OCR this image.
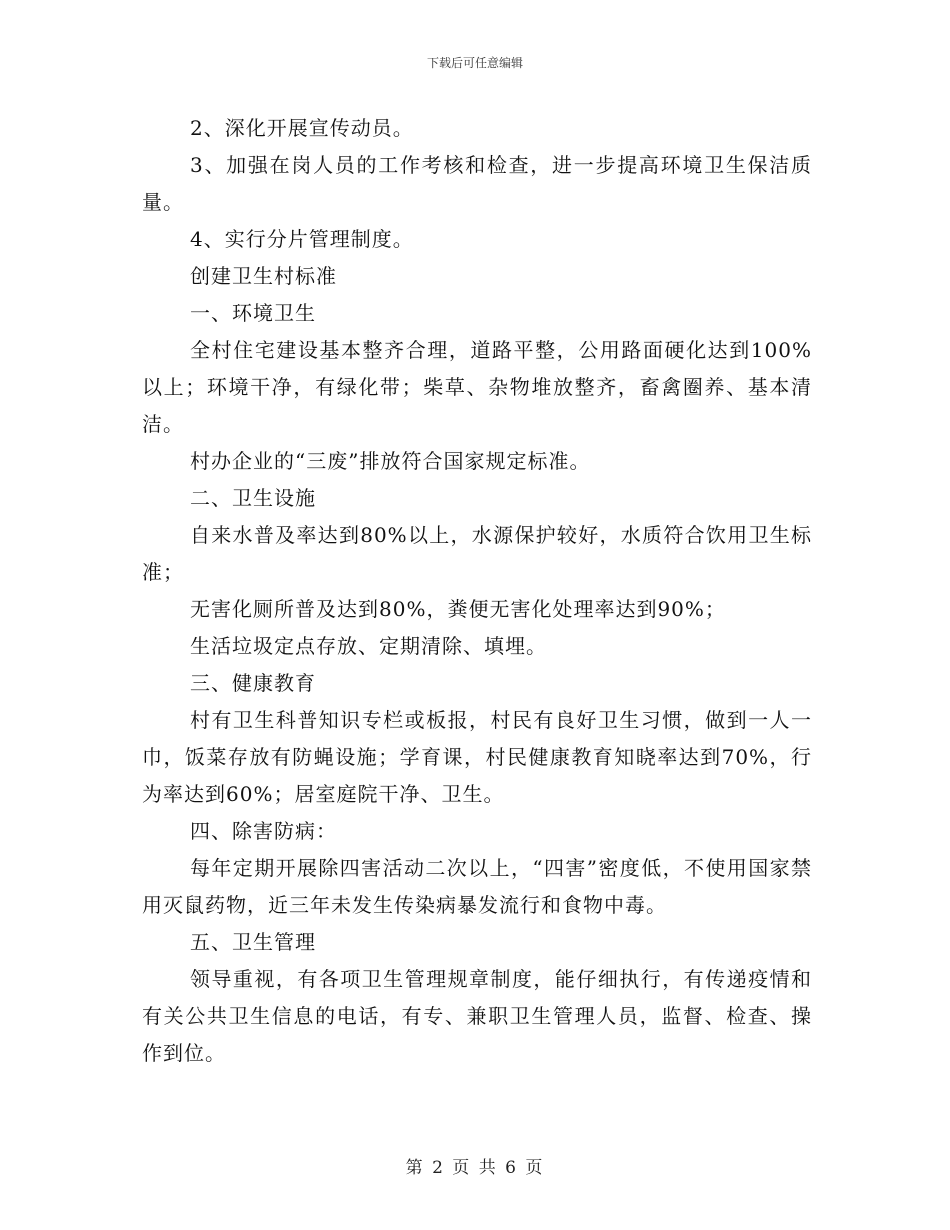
下载后可任意编辑

2、深化开展宣传动员。

3、加强在岗人员的工作考核和检查，进一步提高环境卫生保洁质量。

4、实行分片管理制度。

创建卫生村标准

一、环境卫生

全村住宅建设基本整齐合理，道路平整，公用路面硬化达到100%以上；环境干净，有绿化带；柴草、杂物堆放整齐，畜禽圈养、基本清洁。

村办企业的“三废”排放符合国家规定标准。

二、卫生设施

自来水普及率达到80%以上，水源保护较好，水质符合饮用卫生标准；

无害化厕所普及达到80%，粪便无害化处理率达到90%；

生活垃圾定点存放、定期清除、填埋。

三、健康教育

村有卫生科普知识专栏或板报，村民有良好卫生习惯，做到一人一巾，饭菜存放有防蝇设施；学育课，村民健康教育知晓率达到70%，行为率达到60%；居室庭院干净、卫生。

四、除害防病：

每年定期开展除四害活动二次以上，“四害”密度低，不使用国家禁用灭鼠药物，近三年未发生传染病暴发流行和食物中毒。

五、卫生管理

领导重视，有各项卫生管理规章制度，能仔细执行，有传递疫情和有关公共卫生信息的电话，有专、兼职卫生管理人员，监督、检查、操作到位。

第 2 页 共 6 页
